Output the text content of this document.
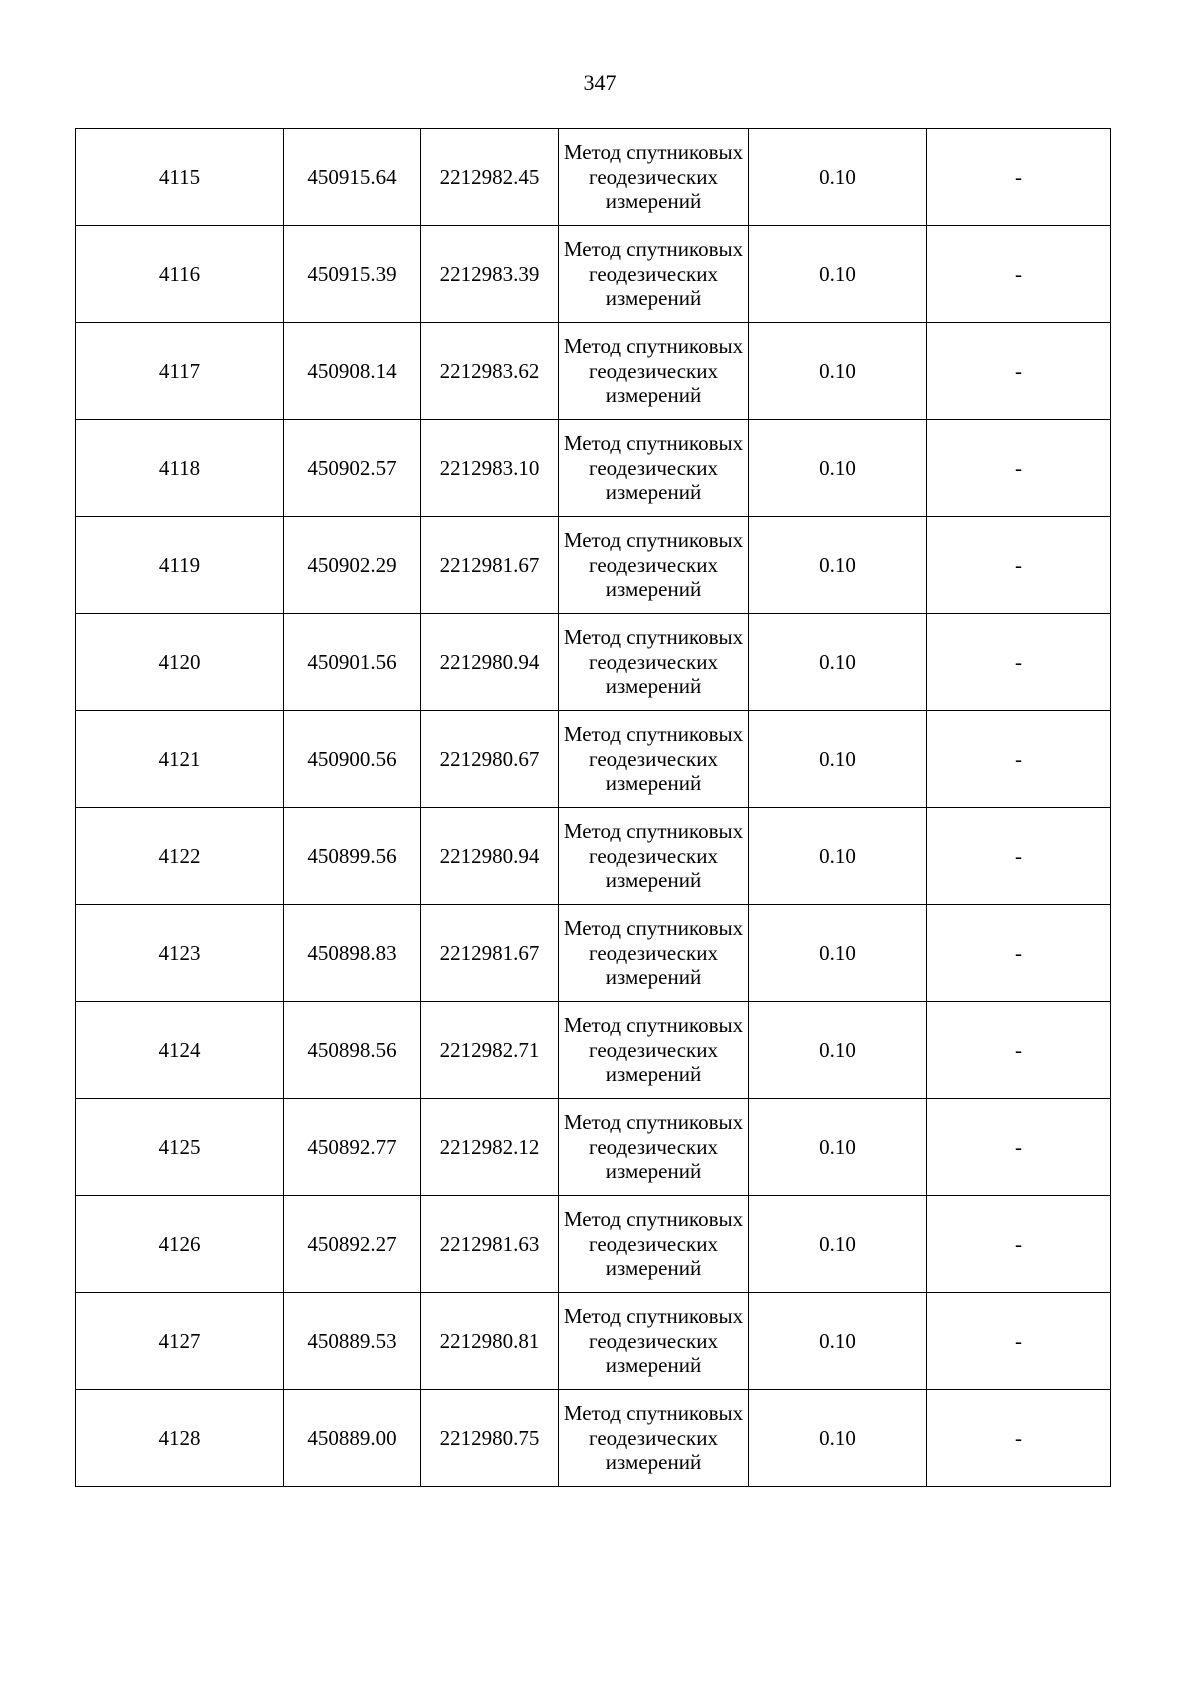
347
4115	450915.64	2212982.45	Метод спутниковых геодезических измерений	0.10	-
4116	450915.39	2212983.39	Метод спутниковых геодезических измерений	0.10	-
4117	450908.14	2212983.62	Метод спутниковых геодезических измерений	0.10	-
4118	450902.57	2212983.10	Метод спутниковых геодезических измерений	0.10	-
4119	450902.29	2212981.67	Метод спутниковых геодезических измерений	0.10	-
4120	450901.56	2212980.94	Метод спутниковых геодезических измерений	0.10	-
4121	450900.56	2212980.67	Метод спутниковых геодезических измерений	0.10	-
4122	450899.56	2212980.94	Метод спутниковых геодезических измерений	0.10	-
4123	450898.83	2212981.67	Метод спутниковых геодезических измерений	0.10	-
4124	450898.56	2212982.71	Метод спутниковых геодезических измерений	0.10	-
4125	450892.77	2212982.12	Метод спутниковых геодезических измерений	0.10	-
4126	450892.27	2212981.63	Метод спутниковых геодезических измерений	0.10	-
4127	450889.53	2212980.81	Метод спутниковых геодезических измерений	0.10	-
4128	450889.00	2212980.75	Метод спутниковых геодезических измерений	0.10	-
